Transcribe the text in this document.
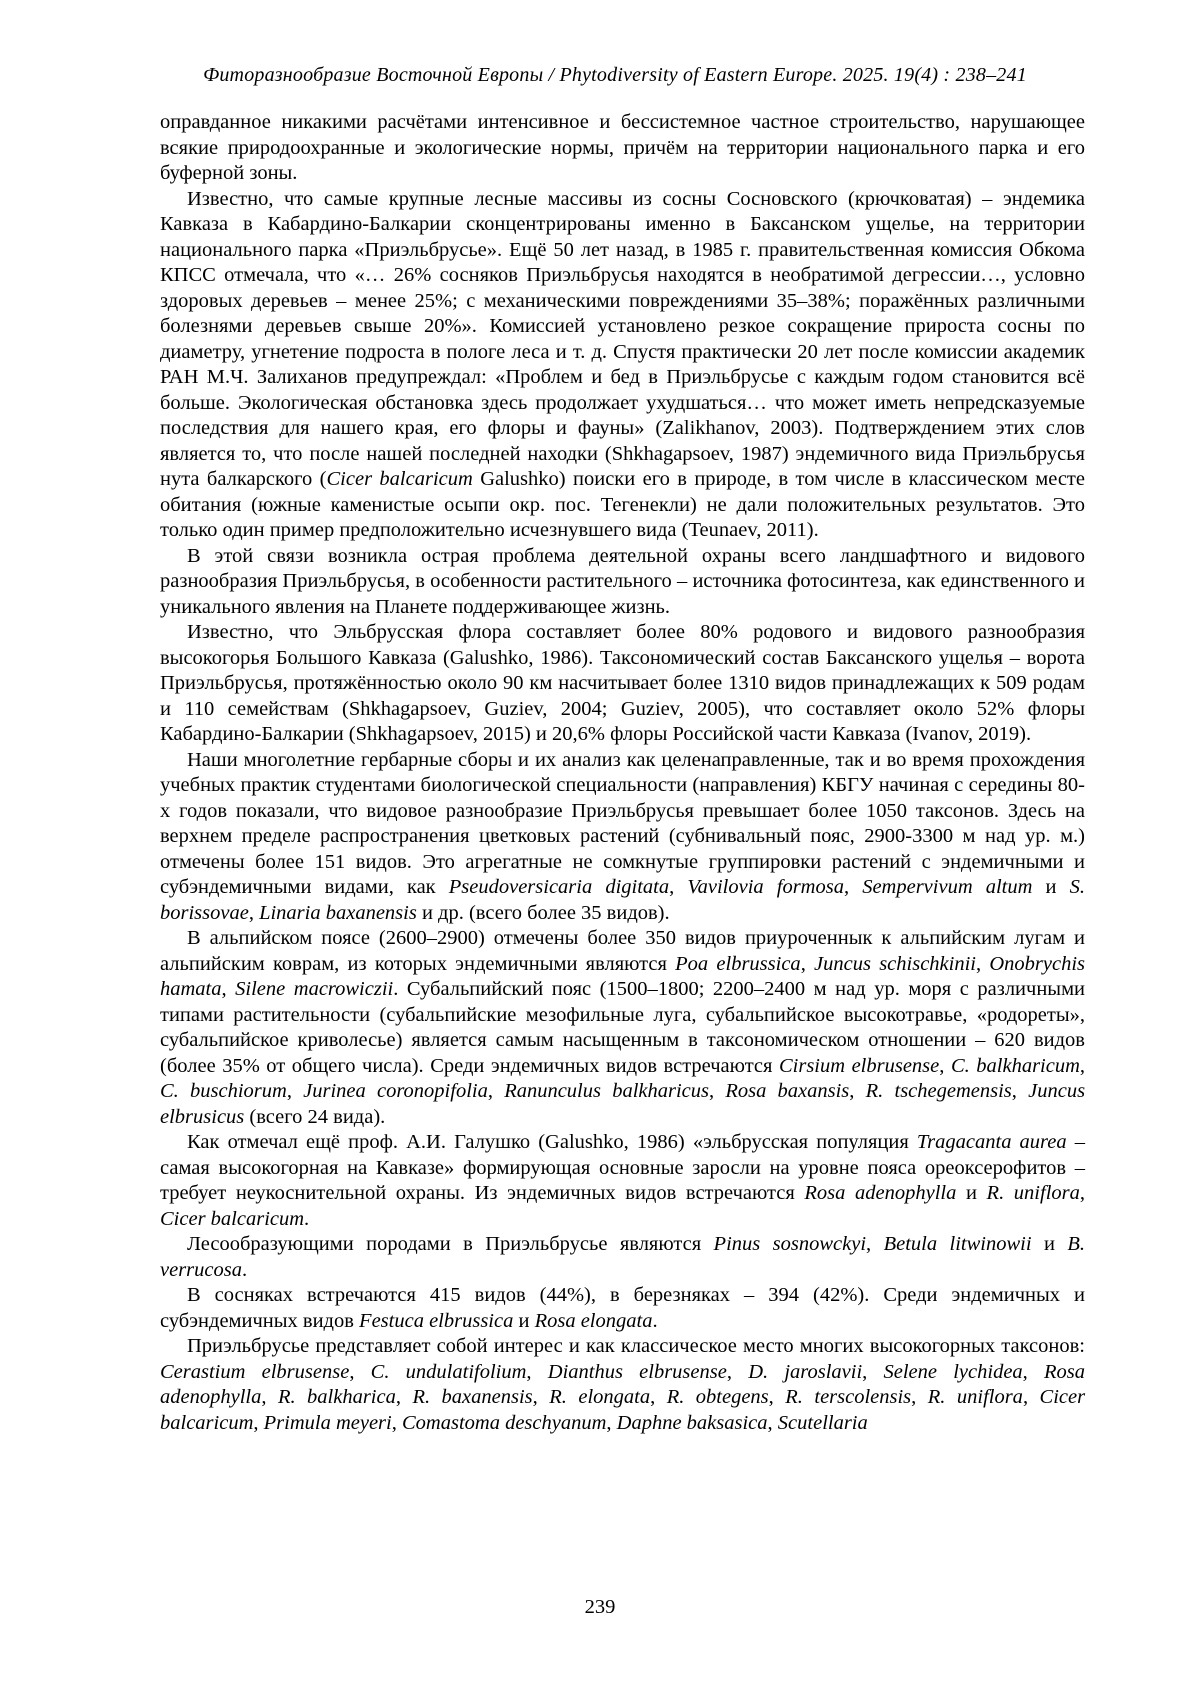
Фиторазнообразие Восточной Европы / Phytodiversity of Eastern Europe. 2025. 19(4) : 238–241

оправданное никакими расчётами интенсивное и бессистемное частное строительство, нарушающее всякие природоохранные и экологические нормы, причём на территории национального парка и его буферной зоны.

Известно, что самые крупные лесные массивы из сосны Сосновского (крючковатая) – эндемика Кавказа в Кабардино-Балкарии сконцентрированы именно в Баксанском ущелье, на территории национального парка «Приэльбрусье». Ещё 50 лет назад, в 1985 г. правительственная комиссия Обкома КПСС отмечала, что «… 26% сосняков Приэльбрусья находятся в необратимой дегрессии…, условно здоровых деревьев – менее 25%; с механическими повреждениями 35–38%; поражённых различными болезнями деревьев свыше 20%». Комиссией установлено резкое сокращение прироста сосны по диаметру, угнетение подроста в пологе леса и т. д. Спустя практически 20 лет после комиссии академик РАН М.Ч. Залиханов предупреждал: «Проблем и бед в Приэльбрусье с каждым годом становится всё больше. Экологическая обстановка здесь продолжает ухудшаться… что может иметь непредсказуемые последствия для нашего края, его флоры и фауны» (Zalikhanov, 2003). Подтверждением этих слов является то, что после нашей последней находки (Shkhagapsoev, 1987) эндемичного вида Приэльбрусья нута балкарского (Cicer balcaricum Galushko) поиски его в природе, в том числе в классическом месте обитания (южные каменистые осыпи окр. пос. Тегенекли) не дали положительных результатов. Это только один пример предположительно исчезнувшего вида (Teunaev, 2011).

В этой связи возникла острая проблема деятельной охраны всего ландшафтного и видового разнообразия Приэльбрусья, в особенности растительного – источника фотосинтеза, как единственного и уникального явления на Планете поддерживающее жизнь.

Известно, что Эльбрусская флора составляет более 80% родового и видового разнообразия высокогорья Большого Кавказа (Galushko, 1986). Таксономический состав Баксанского ущелья – ворота Приэльбрусья, протяжённостью около 90 км насчитывает более 1310 видов принадлежащих к 509 родам и 110 семействам (Shkhagapsoev, Guziev, 2004; Guziev, 2005), что составляет около 52% флоры Кабардино-Балкарии (Shkhagapsoev, 2015) и 20,6% флоры Российской части Кавказа (Ivanov, 2019).

Наши многолетние гербарные сборы и их анализ как целенаправленные, так и во время прохождения учебных практик студентами биологической специальности (направления) КБГУ начиная с середины 80-х годов показали, что видовое разнообразие Приэльбрусья превышает более 1050 таксонов. Здесь на верхнем пределе распространения цветковых растений (субнивальный пояс, 2900-3300 м над ур. м.) отмечены более 151 видов. Это агрегатные не сомкнутые группировки растений с эндемичными и субэндемичными видами, как Pseudoversicaria digitata, Vavilovia formosa, Sempervivum altum и S. borissovae, Linaria baxanensis и др. (всего более 35 видов).

В альпийском поясе (2600–2900) отмечены более 350 видов приуроченнык к альпийским лугам и альпийским коврам, из которых эндемичными являются Poa elbrussica, Juncus schischkinii, Onobrychis hamata, Silene macrowiczii. Субальпийский пояс (1500–1800; 2200–2400 м над ур. моря с различными типами растительности (субальпийские мезофильные луга, субальпийское высокотравье, «родореты», субальпийское криволесье) является самым насыщенным в таксономическом отношении – 620 видов (более 35% от общего числа). Среди эндемичных видов встречаются Cirsium elbrusense, C. balkharicum, C. buschiorum, Jurinea coronopifolia, Ranunculus balkharicus, Rosa baxansis, R. tschegemensis, Juncus elbrusicus (всего 24 вида).

Как отмечал ещё проф. А.И. Галушко (Galushko, 1986) «эльбрусская популяция Tragacanta aurea – самая высокогорная на Кавказе» формирующая основные заросли на уровне пояса ореоксерофитов – требует неукоснительной охраны. Из эндемичных видов встречаются Rosa adenophylla и R. uniflora, Cicer balcaricum.

Лесообразующими породами в Приэльбрусье являются Pinus sosnowckyi, Betula litwinowii и B. verrucosa.

В сосняках встречаются 415 видов (44%), в березняках – 394 (42%). Среди эндемичных и субэндемичных видов Festuca elbrussica и Rosa elongata.

Приэльбрусье представляет собой интерес и как классическое место многих высокогорных таксонов: Cerastium elbrusense, C. undulatifolium, Dianthus elbrusense, D. jaroslavii, Selene lychidea, Rosa adenophylla, R. balkharica, R. baxanensis, R. elongata, R. obtegens, R. terscolensis, R. uniflora, Cicer balcaricum, Primula meyeri, Comastoma deschyanum, Daphne baksasica, Scutellaria

239
